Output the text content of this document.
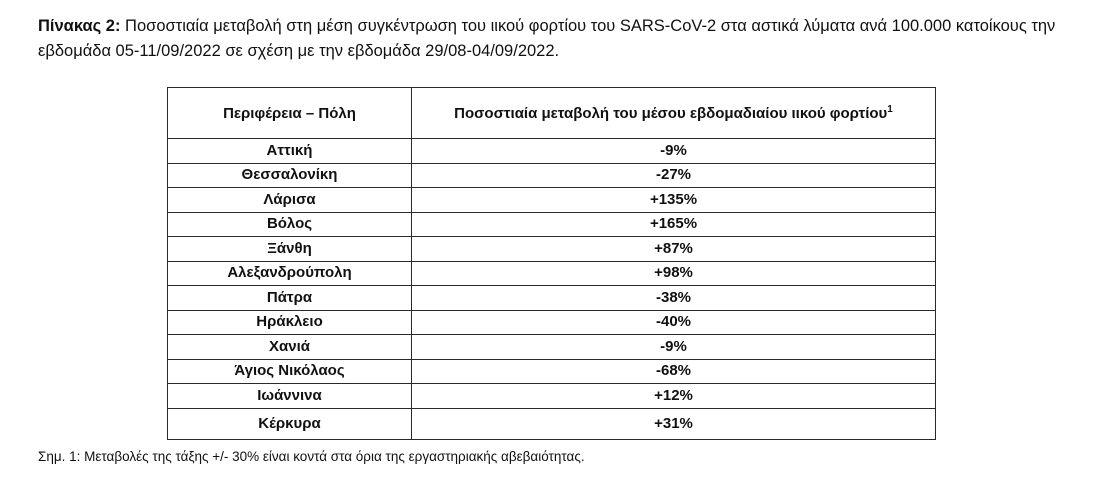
Πίνακας 2: Ποσοστιαία μεταβολή στη μέση συγκέντρωση του ιικού φορτίου του SARS-CoV-2 στα αστικά λύματα ανά 100.000 κατοίκους την εβδομάδα 05-11/09/2022 σε σχέση με την εβδομάδα 29/08-04/09/2022.

Περιφέρεια – Πόλη	Ποσοστιαία μεταβολή του μέσου εβδομαδιαίου ιικού φορτίου$^1$
Αττική	-9%
Θεσσαλονίκη	-27%
Λάρισα	+135%
Βόλος	+165%
Ξάνθη	+87%
Αλεξανδρούπολη	+98%
Πάτρα	-38%
Ηράκλειο	-40%
Χανιά	-9%
Άγιος Νικόλαος	-68%
Ιωάννινα	+12%
Κέρκυρα	+31%

Σημ. 1: Μεταβολές της τάξης +/- 30% είναι κοντά στα όρια της εργαστηριακής αβεβαιότητας.
